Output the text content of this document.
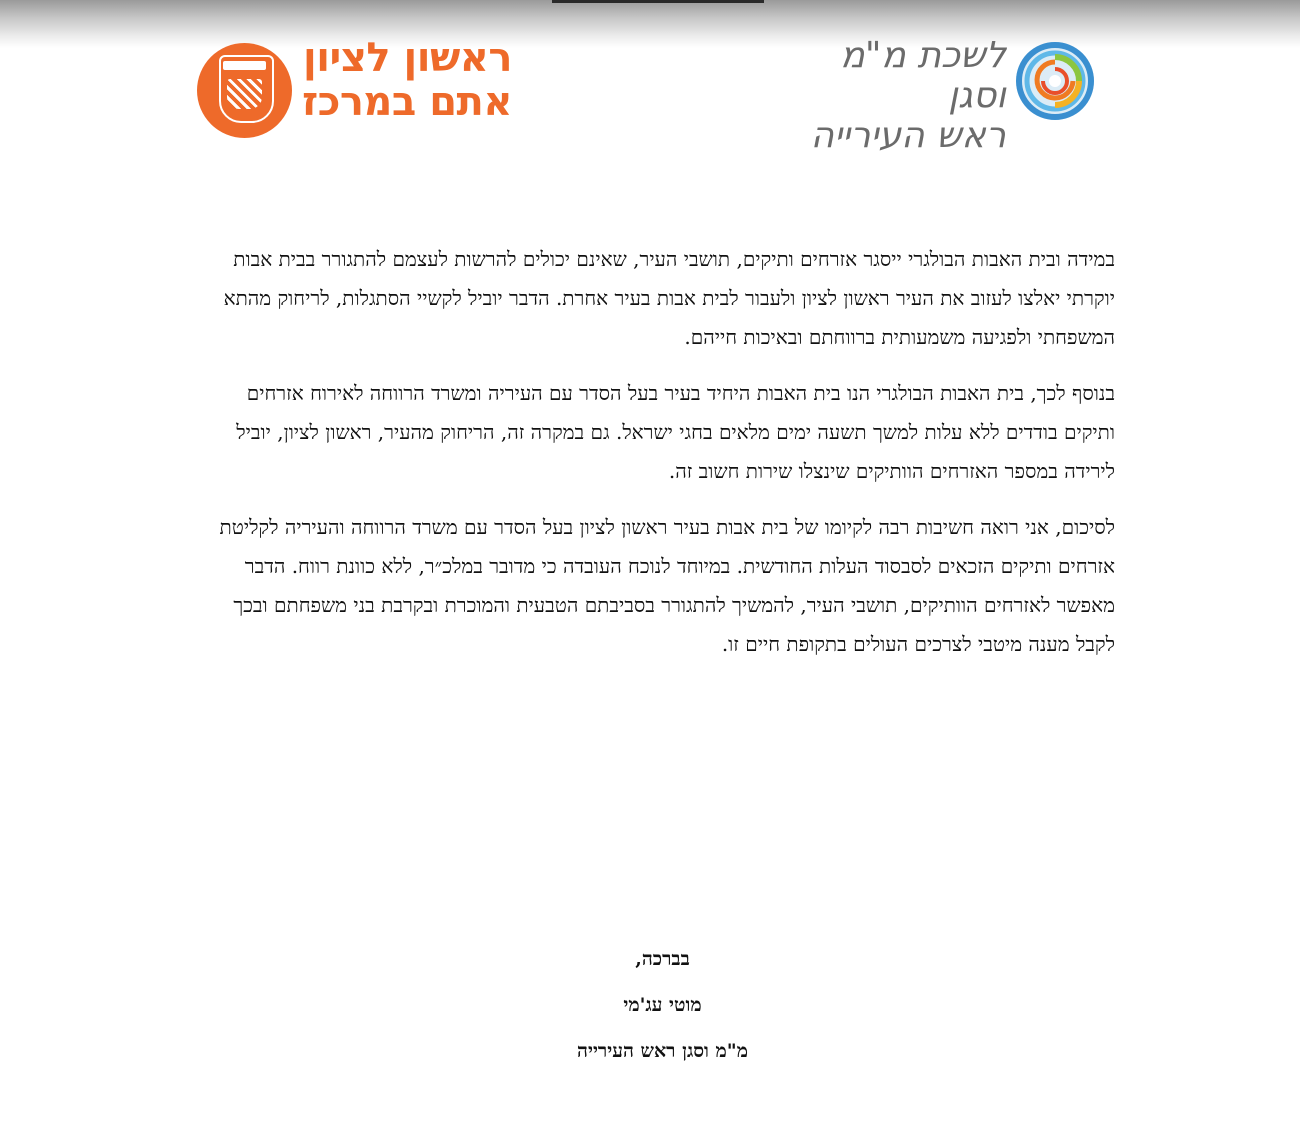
ראשון לציון
אתם במרכז
לשכת מ"מ וסגן
ראש העירייה

במידה ובית האבות הבולגרי ייסגר אזרחים ותיקים, תושבי העיר, שאינם יכולים להרשות לעצמם להתגורר בבית אבות יוקרתי יאלצו לעזוב את העיר ראשון לציון ולעבור לבית אבות בעיר אחרת. הדבר יוביל לקשיי הסתגלות, לריחוק מהתא המשפחתי ולפגיעה משמעותית ברווחתם ובאיכות חייהם.

בנוסף לכך, בית האבות הבולגרי הנו בית האבות היחיד בעיר בעל הסדר עם העיריה ומשרד הרווחה לאירוח אזרחים ותיקים בודדים ללא עלות למשך תשעה ימים מלאים בחגי ישראל. גם במקרה זה, הריחוק מהעיר, ראשון לציון, יוביל לירידה במספר האזרחים הוותיקים שינצלו שירות חשוב זה.

לסיכום, אני רואה חשיבות רבה לקיומו של בית אבות בעיר ראשון לציון בעל הסדר עם משרד הרווחה והעיריה לקליטת אזרחים ותיקים הזכאים לסבסוד העלות החודשית. במיוחד לנוכח העובדה כי מדובר במלכ״ר, ללא כוונת רווח. הדבר מאפשר לאזרחים הוותיקים, תושבי העיר, להמשיך להתגורר בסביבתם הטבעית והמוכרת ובקרבת בני משפחתם ובכך לקבל מענה מיטבי לצרכים העולים בתקופת חיים זו.

בברכה,
מוטי עג'מי
מ"מ וסגן ראש העירייה
